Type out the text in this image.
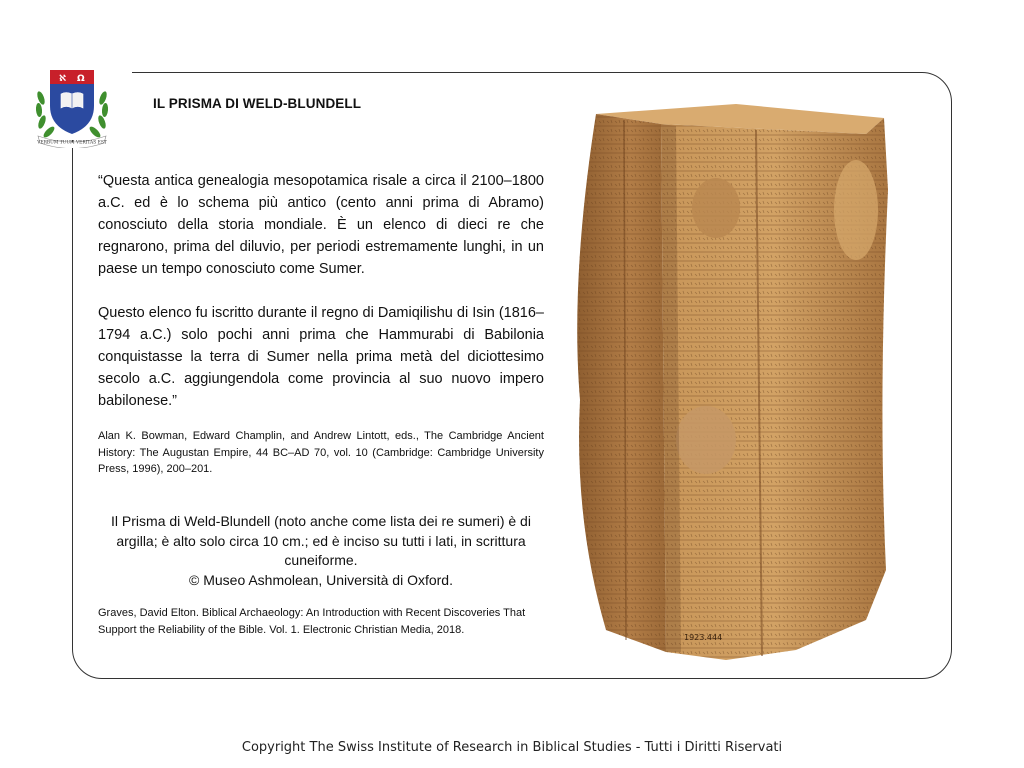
ℵ Ω
VERBUM TUUM VERITAS EST
IL PRISMA DI WELD-BLUNDELL

“Questa antica genealogia mesopotamica risale a circa il 2100–1800 a.C. ed è lo schema più antico (cento anni prima di Abramo) conosciuto della storia mondiale. È un elenco di dieci re che regnarono, prima del diluvio, per periodi estremamente lunghi, in un paese un tempo conosciuto come Sumer.

Questo elenco fu iscritto durante il regno di Damiqilishu di Isin (1816–1794 a.C.) solo pochi anni prima che Hammurabi di Babilonia conquistasse la terra di Sumer nella prima metà del diciottesimo secolo a.C. aggiungendola come provincia al suo nuovo impero babilonese.”

Alan K. Bowman, Edward Champlin, and Andrew Lintott, eds., The Cambridge Ancient History: The Augustan Empire, 44 BC–AD 70, vol. 10 (Cambridge: Cambridge University Press, 1996), 200–201.
Il Prisma di Weld-Blundell (noto anche come lista dei re sumeri) è di argilla; è alto solo circa 10 cm.; ed è inciso su tutti i lati, in scrittura cuneiforme.
© Museo Ashmolean, Università di Oxford.
Graves, David Elton. Biblical Archaeology: An Introduction with Recent Discoveries That Support the Reliability of the Bible. Vol. 1. Electronic Christian Media, 2018.
1923.444
Copyright The Swiss Institute of Research in Biblical Studies - Tutti i Diritti Riservati
